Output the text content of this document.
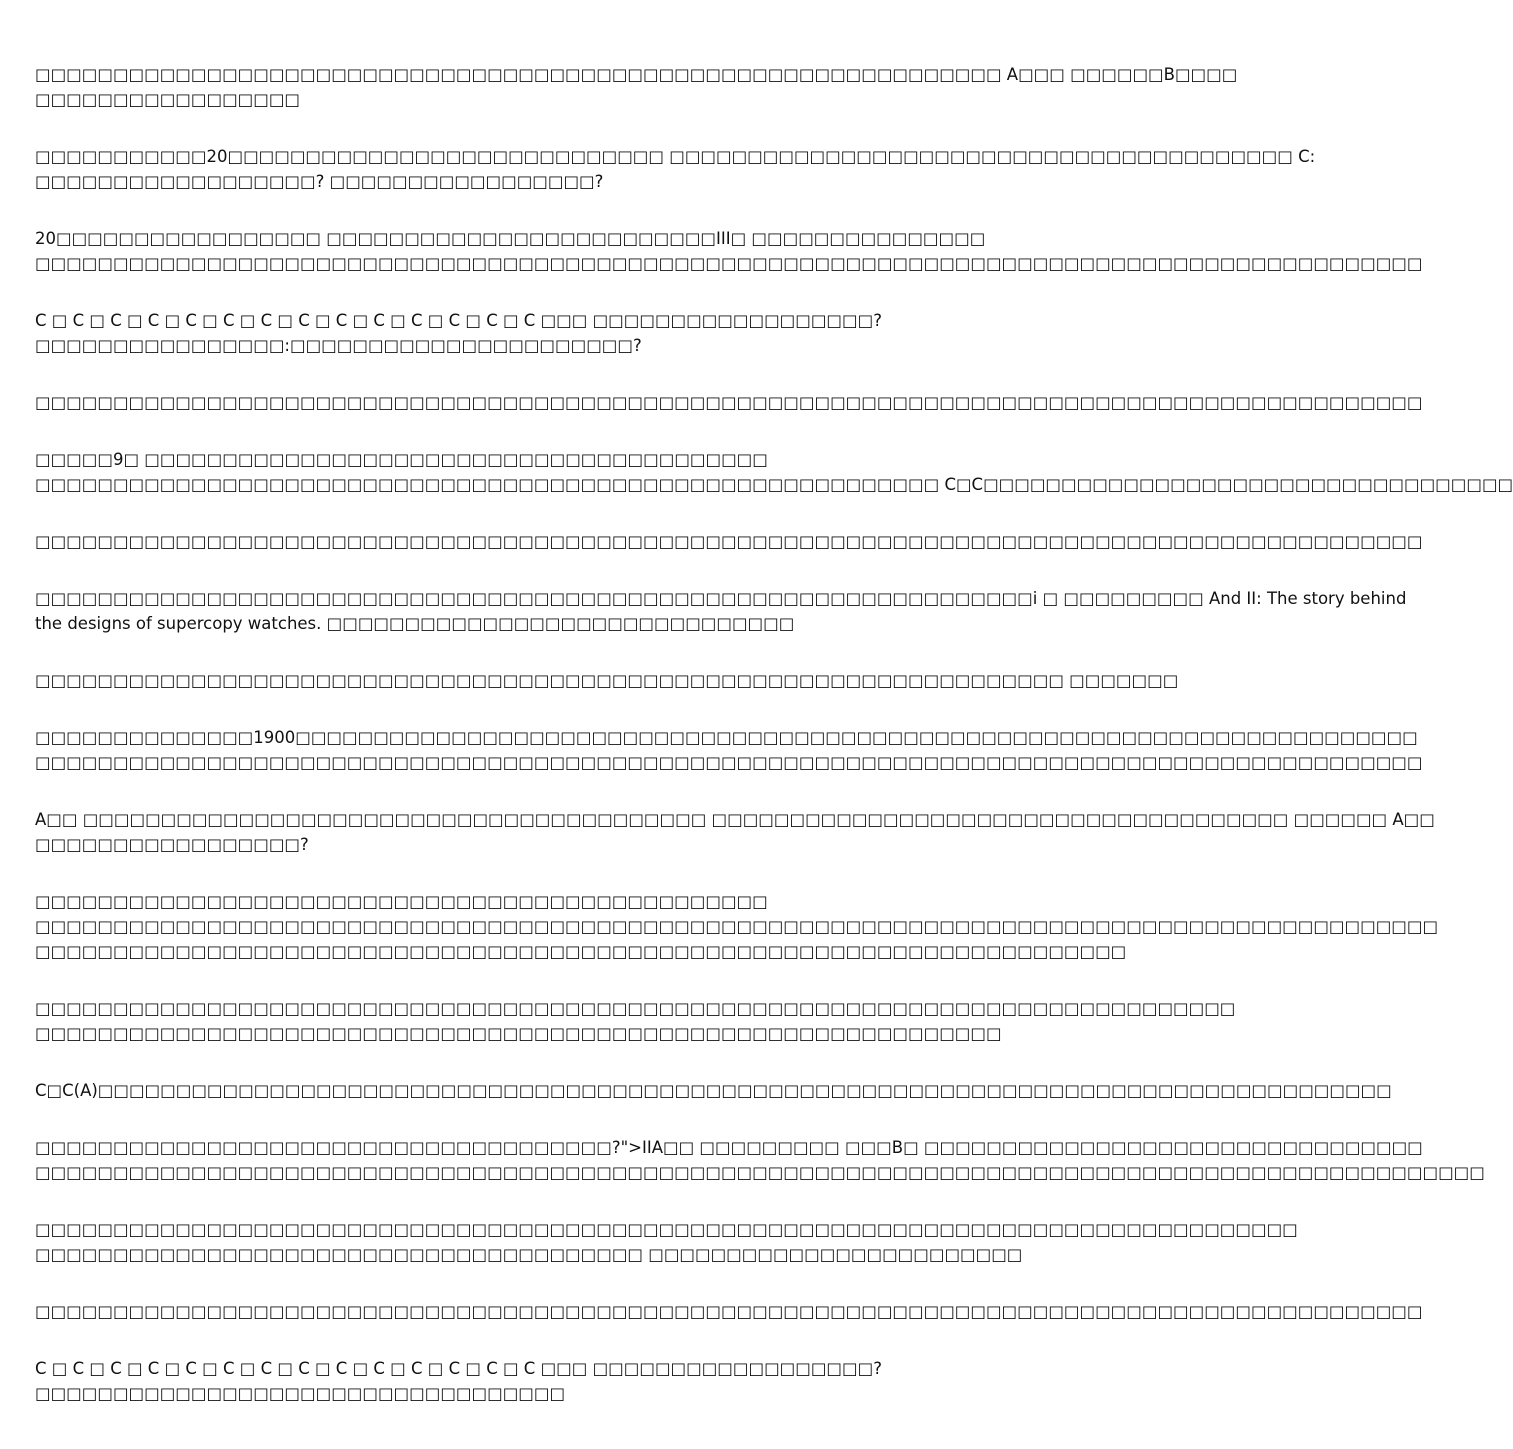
□□□□□□□□□□□□□□□□□□□□□□□□□□□□□□□□□□□□□□□□□□□□□□□□□□□□□□□□□□□□□□ A□□□ □□□□□□B□□□□
□□□□□□□□□□□□□□□□□
□□□□□□□□□□□20□□□□□□□□□□□□□□□□□□□□□□□□□□□□ □□□□□□□□□□□□□□□□□□□□□□□□□□□□□□□□□□□□□□□□ C:
□□□□□□□□□□□□□□□□□□? □□□□□□□□□□□□□□□□□?
20□□□□□□□□□□□□□□□□□ □□□□□□□□□□□□□□□□□□□□□□□□□III□ □□□□□□□□□□□□□□□
□□□□□□□□□□□□□□□□□□□□□□□□□□□□□□□□□□□□□□□□□□□□□□□□□□□□□□□□□□□□□□□□□□□□□□□□□□□□□□□□□□□□□□□□□
C □ C □ C □ C □ C □ C □ C □ C □ C □ C □ C □ C □ C □ C □□□ □□□□□□□□□□□□□□□□□□?
□□□□□□□□□□□□□□□□:□□□□□□□□□□□□□□□□□□□□□□?
□□□□□□□□□□□□□□□□□□□□□□□□□□□□□□□□□□□□□□□□□□□□□□□□□□□□□□□□□□□□□□□□□□□□□□□□□□□□□□□□□□□□□□□□□
□□□□□9□ □□□□□□□□□□□□□□□□□□□□□□□□□□□□□□□□□□□□□□□□
□□□□□□□□□□□□□□□□□□□□□□□□□□□□□□□□□□□□□□□□□□□□□□□□□□□□□□□□□□ C□C□□□□□□□□□□□□□□□□□□□□□□□□□□□□□□□□□□
□□□□□□□□□□□□□□□□□□□□□□□□□□□□□□□□□□□□□□□□□□□□□□□□□□□□□□□□□□□□□□□□□□□□□□□□□□□□□□□□□□□□□□□□□
□□□□□□□□□□□□□□□□□□□□□□□□□□□□□□□□□□□□□□□□□□□□□□□□□□□□□□□□□□□□□□□□i □ □□□□□□□□□ And II: The story behind
the designs of supercopy watches. □□□□□□□□□□□□□□□□□□□□□□□□□□□□□□
□□□□□□□□□□□□□□□□□□□□□□□□□□□□□□□□□□□□□□□□□□□□□□□□□□□□□□□□□□□□□□□□□□ □□□□□□□
□□□□□□□□□□□□□□1900□□□□□□□□□□□□□□□□□□□□□□□□□□□□□□□□□□□□□□□□□□□□□□□□□□□□□□□□□□□□□□□□□□□□□□□□
□□□□□□□□□□□□□□□□□□□□□□□□□□□□□□□□□□□□□□□□□□□□□□□□□□□□□□□□□□□□□□□□□□□□□□□□□□□□□□□□□□□□□□□□□
A□□ □□□□□□□□□□□□□□□□□□□□□□□□□□□□□□□□□□□□□□□□ □□□□□□□□□□□□□□□□□□□□□□□□□□□□□□□□□□□□□ □□□□□□ A□□
□□□□□□□□□□□□□□□□□?
□□□□□□□□□□□□□□□□□□□□□□□□□□□□□□□□□□□□□□□□□□□□□□□
□□□□□□□□□□□□□□□□□□□□□□□□□□□□□□□□□□□□□□□□□□□□□□□□□□□□□□□□□□□□□□□□□□□□□□□□□□□□□□□□□□□□□□□□□□
□□□□□□□□□□□□□□□□□□□□□□□□□□□□□□□□□□□□□□□□□□□□□□□□□□□□□□□□□□□□□□□□□□□□□□
□□□□□□□□□□□□□□□□□□□□□□□□□□□□□□□□□□□□□□□□□□□□□□□□□□□□□□□□□□□□□□□□□□□□□□□□□□□□□
□□□□□□□□□□□□□□□□□□□□□□□□□□□□□□□□□□□□□□□□□□□□□□□□□□□□□□□□□□□□□□
C□C(A)□□□□□□□□□□□□□□□□□□□□□□□□□□□□□□□□□□□□□□□□□□□□□□□□□□□□□□□□□□□□□□□□□□□□□□□□□□□□□□□□□□□
□□□□□□□□□□□□□□□□□□□□□□□□□□□□□□□□□□□□□?">IIA□□ □□□□□□□□□ □□□B□ □□□□□□□□□□□□□□□□□□□□□□□□□□□□□□□□
□□□□□□□□□□□□□□□□□□□□□□□□□□□□□□□□□□□□□□□□□□□□□□□□□□□□□□□□□□□□□□□□□□□□□□□□□□□□□□□□□□□□□□□□□□□□□
□□□□□□□□□□□□□□□□□□□□□□□□□□□□□□□□□□□□□□□□□□□□□□□□□□□□□□□□□□□□□□□□□□□□□□□□□□□□□□□□□
□□□□□□□□□□□□□□□□□□□□□□□□□□□□□□□□□□□□□□□ □□□□□□□□□□□□□□□□□□□□□□□□
□□□□□□□□□□□□□□□□□□□□□□□□□□□□□□□□□□□□□□□□□□□□□□□□□□□□□□□□□□□□□□□□□□□□□□□□□□□□□□□□□□□□□□□□□
C □ C □ C □ C □ C □ C □ C □ C □ C □ C □ C □ C □ C □ C □□□ □□□□□□□□□□□□□□□□□□?
□□□□□□□□□□□□□□□□□□□□□□□□□□□□□□□□□□
